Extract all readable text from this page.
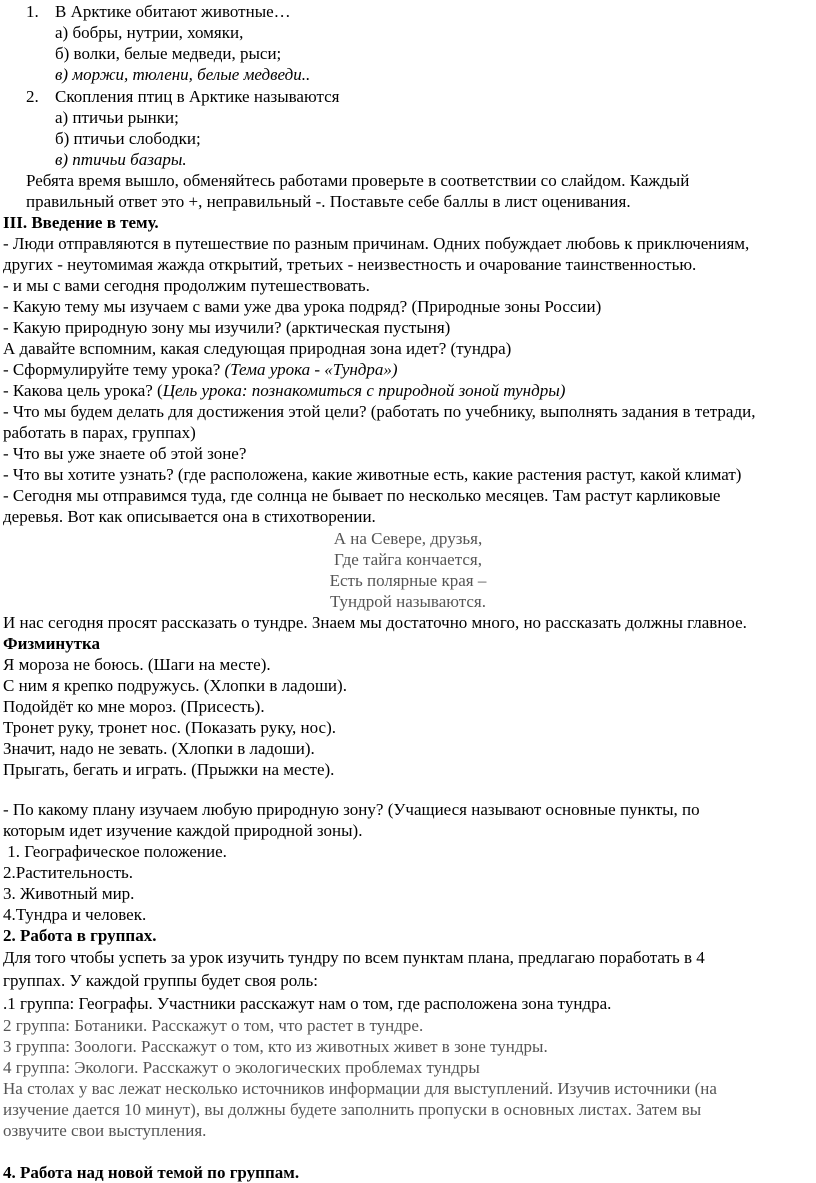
1. В Арктике обитают животные…
а) бобры, нутрии, хомяки,
б) волки, белые медведи, рыси;
в) моржи, тюлени, белые медведи..
2. Скопления птиц в Арктике называются
а) птичьи рынки;
б) птичьи слободки;
в) птичьи базары.
Ребята время вышло, обменяйтесь работами проверьте в соответствии со слайдом. Каждый
правильный ответ это +, неправильный -. Поставьте себе баллы в лист оценивания.
III. Введение в тему.
- Люди отправляются в путешествие по разным причинам. Одних побуждает любовь к приключениям,
других - неутомимая жажда открытий, третьих - неизвестность и очарование таинственностью.
- и мы с вами сегодня продолжим путешествовать.
- Какую тему мы изучаем с вами уже два урока подряд? (Природные зоны России)
- Какую природную зону мы изучили? (арктическая пустыня)
А давайте вспомним, какая следующая природная зона идет? (тундра)
- Сформулируйте тему урока? (Тема урока - «Тундра»)
- Какова цель урока? (Цель урока: познакомиться с природной зоной тундры)
- Что мы будем делать для достижения этой цели? (работать по учебнику, выполнять задания в тетради,
работать в парах, группах)
- Что вы уже знаете об этой зоне?
- Что вы хотите узнать? (где расположена, какие животные есть, какие растения растут, какой климат)
- Сегодня мы отправимся туда, где солнца не бывает по несколько месяцев. Там растут карликовые
деревья. Вот как описывается она в стихотворении.
А на Севере, друзья,
Где тайга кончается,
Есть полярные края –
Тундрой называются.
И нас сегодня просят рассказать о тундре. Знаем мы достаточно много, но рассказать должны главное.
Физминутка
Я мороза не боюсь. (Шаги на месте).
С ним я крепко подружусь. (Хлопки в ладоши).
Подойдёт ко мне мороз. (Присесть).
Тронет руку, тронет нос. (Показать руку, нос).
Значит, надо не зевать. (Хлопки в ладоши).
Прыгать, бегать и играть. (Прыжки на месте).
- По какому плану изучаем любую природную зону? (Учащиеся называют основные пункты, по
которым идет изучение каждой природной зоны).
1. Географическое положение.
2.Растительность.
3. Животный мир.
4.Тундра и человек.
2. Работа в группах.
Для того чтобы успеть за урок изучить тундру по всем пунктам плана, предлагаю поработать в 4
группах. У каждой группы будет своя роль:
.1 группа: Географы. Участники расскажут нам о том, где расположена зона тундра.
2 группа: Ботаники. Расскажут о том, что растет в тундре.
3 группа: Зоологи. Расскажут о том, кто из животных живет в зоне тундры.
4 группа: Экологи. Расскажут о экологических проблемах тундры
На столах у вас лежат несколько источников информации для выступлений. Изучив источники (на
изучение дается 10 минут), вы должны будете заполнить пропуски в основных листах. Затем вы
озвучите свои выступления.
4. Работа над новой темой по группам.
